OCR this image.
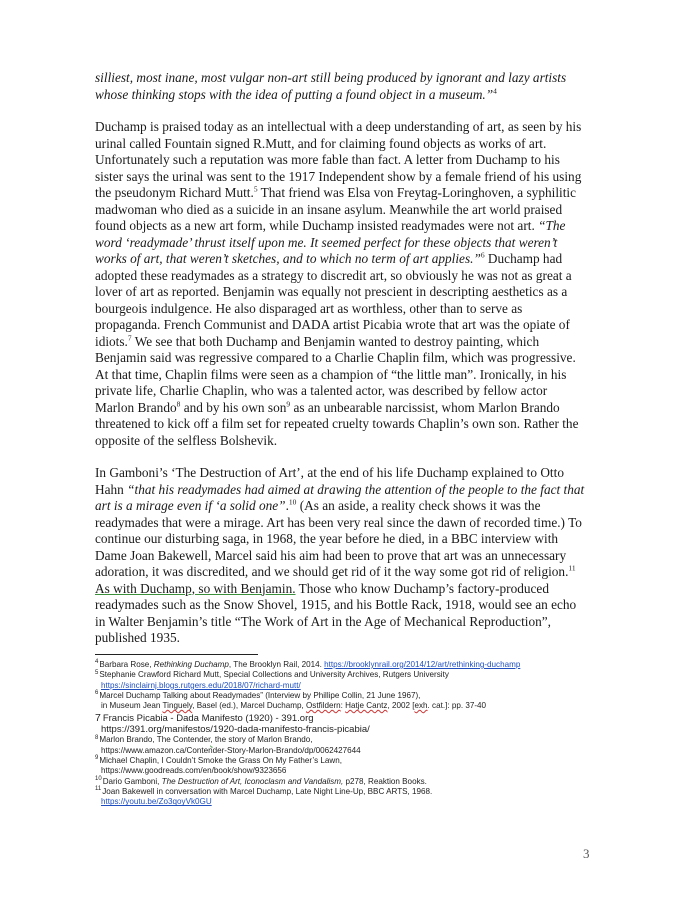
silliest, most inane, most vulgar non-art still being produced by ignorant and lazy artists whose thinking stops with the idea of putting a found object in a museum.”$^4$

Duchamp is praised today as an intellectual with a deep understanding of art, as seen by his urinal called Fountain signed R.Mutt, and for claiming found objects as works of art. Unfortunately such a reputation was more fable than fact. A letter from Duchamp to his sister says the urinal was sent to the 1917 Independent show by a female friend of his using the pseudonym Richard Mutt.$^5$ That friend was Elsa von Freytag-Loringhoven, a syphilitic madwoman who died as a suicide in an insane asylum. Meanwhile the art world praised found objects as a new art form, while Duchamp insisted readymades were not art. “The word ‘readymade’ thrust itself upon me. It seemed perfect for these objects that weren’t works of art, that weren’t sketches, and to which no term of art applies.”$^6$ Duchamp had adopted these readymades as a strategy to discredit art, so obviously he was not as great a lover of art as reported. Benjamin was equally not prescient in descripting aesthetics as a bourgeois indulgence. He also disparaged art as worthless, other than to serve as propaganda. French Communist and DADA artist Picabia wrote that art was the opiate of idiots.$^7$ We see that both Duchamp and Benjamin wanted to destroy painting, which Benjamin said was regressive compared to a Charlie Chaplin film, which was progressive. At that time, Chaplin films were seen as a champion of “the little man”. Ironically, in his private life, Charlie Chaplin, who was a talented actor, was described by fellow actor Marlon Brando$^8$ and by his own son$^9$ as an unbearable narcissist, whom Marlon Brando threatened to kick off a film set for repeated cruelty towards Chaplin’s own son. Rather the opposite of the selfless Bolshevik.

In Gamboni’s ‘The Destruction of Art’, at the end of his life Duchamp explained to Otto Hahn “that his readymades had aimed at drawing the attention of the people to the fact that art is a mirage even if ‘a solid one”.$^{10}$ (As an aside, a reality check shows it was the readymades that were a mirage. Art has been very real since the dawn of recorded time.) To continue our disturbing saga, in 1968, the year before he died, in a BBC interview with Dame Joan Bakewell, Marcel said his aim had been to prove that art was an unnecessary adoration, it was discredited, and we should get rid of it the way some got rid of religion.$^{11}$ As with Duchamp, so with Benjamin. Those who know Duchamp’s factory-produced readymades such as the Snow Shovel, 1915, and his Bottle Rack, 1918, would see an echo in Walter Benjamin’s title “The Work of Art in the Age of Mechanical Reproduction”, published 1935.

$^4$Barbara Rose, Rethinking Duchamp, The Brooklyn Rail, 2014. https://brooklynrail.org/2014/12/art/rethinking-duchamp

$^5$Stephanie Crawford Richard Mutt, Special Collections and University Archives, Rutgers University
https://sinclairnj.blogs.rutgers.edu/2018/07/richard-mutt/

$^6$Marcel Duchamp Talking about Readymades” (Interview by Phillipe Collin, 21 June 1967),
in Museum Jean Tinguely, Basel (ed.), Marcel Duchamp, Ostfildern: Hatje Cantz, 2002 [exh. cat.]: pp. 37-40

7 Francis Picabia - Dada Manifesto (1920) - 391.org
https://391.org/manifestos/1920-dada-manifesto-francis-picabia/

$^8$Marlon Brando, The Contender, the story of Marlon Brando,
https://www.amazon.ca/Contender-Story-Marlon-Brando/dp/0062427644

$^9$Michael Chaplin, I Couldn’t Smoke the Grass On My Father’s Lawn,
https://www.goodreads.com/en/book/show/9323656

$^{10}$Dario Gamboni, The Destruction of Art, Iconoclasm and Vandalism, p278, Reaktion Books.

$^{11}$Joan Bakewell in conversation with Marcel Duchamp, Late Night Line-Up, BBC ARTS, 1968.
https://youtu.be/Zo3qoyVk0GU

3
